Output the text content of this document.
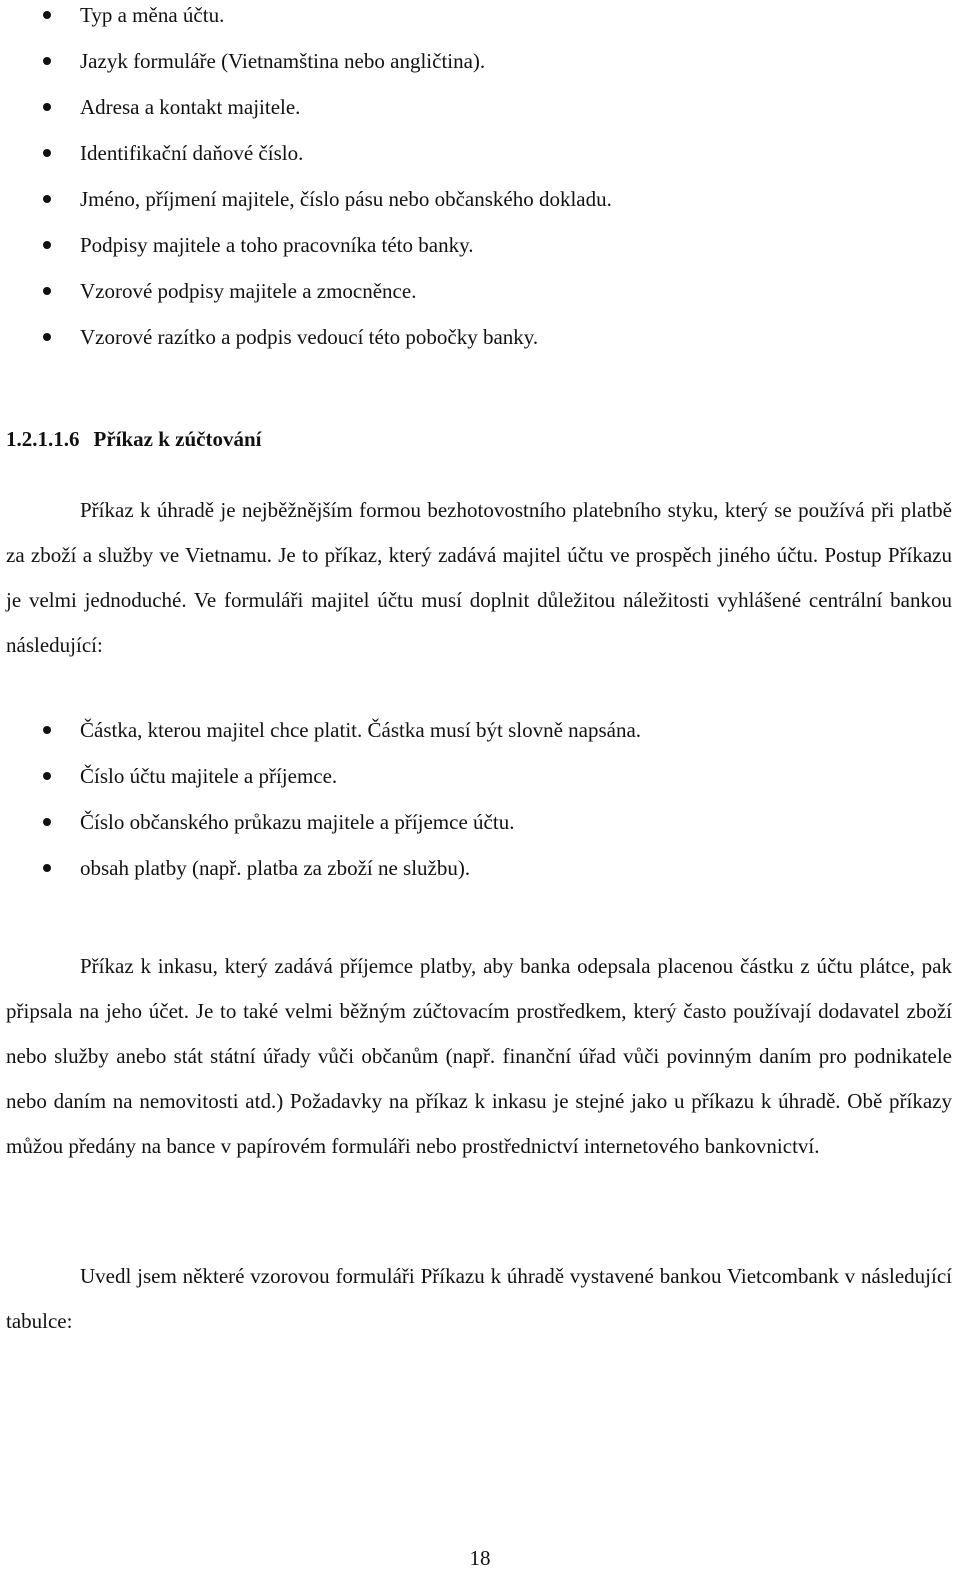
Typ a měna účtu.
Jazyk formuláře (Vietnamština nebo angličtina).
Adresa a kontakt majitele.
Identifikační daňové číslo.
Jméno, příjmení majitele, číslo pásu nebo občanského dokladu.
Podpisy majitele a toho pracovníka této banky.
Vzorové podpisy majitele a zmocněnce.
Vzorové razítko a podpis vedoucí této pobočky banky.
1.2.1.1.6 Příkaz k zúčtování

Příkaz k úhradě je nejběžnějším formou bezhotovostního platebního styku, který se používá při platbě za zboží a služby ve Vietnamu. Je to příkaz, který zadává majitel účtu ve prospěch jiného účtu. Postup Příkazu je velmi jednoduché. Ve formuláři majitel účtu musí doplnit důležitou náležitosti vyhlášené centrální bankou následující:

Částka, kterou majitel chce platit. Částka musí být slovně napsána.
Číslo účtu majitele a příjemce.
Číslo občanského průkazu majitele a příjemce účtu.
obsah platby (např. platba za zboží ne službu).

Příkaz k inkasu, který zadává příjemce platby, aby banka odepsala placenou částku z účtu plátce, pak připsala na jeho účet. Je to také velmi běžným zúčtovacím prostředkem, který často používají dodavatel zboží nebo služby anebo stát státní úřady vůči občanům (např. finanční úřad vůči povinným daním pro podnikatele nebo daním na nemovitosti atd.) Požadavky na příkaz k inkasu je stejné jako u příkazu k úhradě. Obě příkazy můžou předány na bance v papírovém formuláři nebo prostřednictví internetového bankovnictví.

Uvedl jsem některé vzorovou formuláři Příkazu k úhradě vystavené bankou Vietcombank v následující tabulce:

18
